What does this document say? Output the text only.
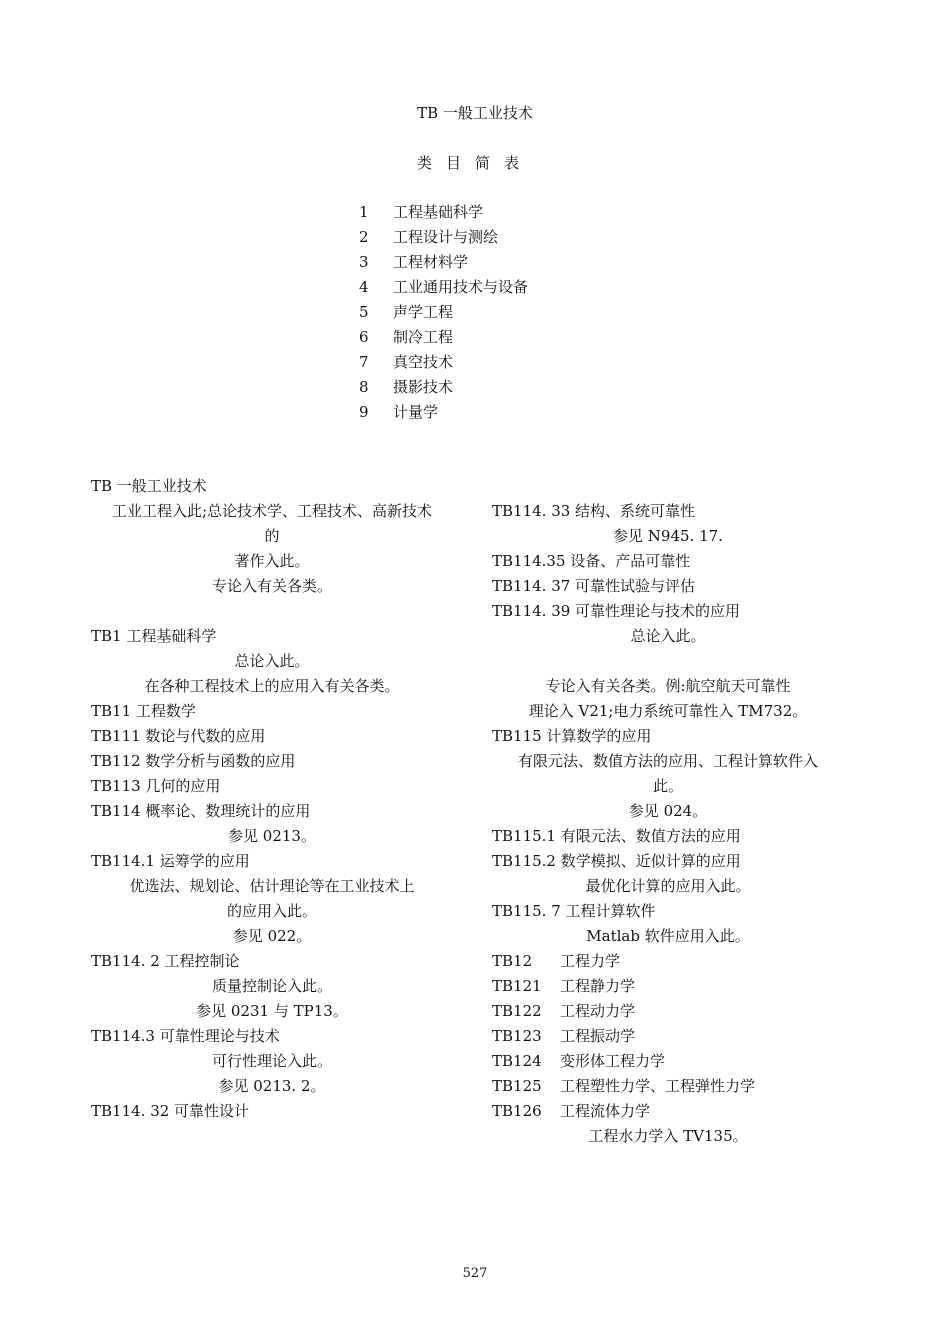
TB 一般工业技术
类目简表
1 工程基础科学
2 工程设计与测绘
3 工程材料学
4 工业通用技术与设备
5 声学工程
6 制冷工程
7 真空技术
8 摄影技术
9 计量学
TB 一般工业技术
工业工程入此;总论技术学、工程技术、高新技术
的
著作入此。
专论入有关各类。
TB1 工程基础科学
总论入此。
在各种工程技术上的应用入有关各类。
TB11 工程数学
TB111 数论与代数的应用
TB112 数学分析与函数的应用
TB113 几何的应用
TB114 概率论、数理统计的应用
参见 0213。
TB114.1 运筹学的应用
优选法、规划论、估计理论等在工业技术上
的应用入此。
参见 022。
TB114. 2 工程控制论
质量控制论入此。
参见 0231 与 TP13。
TB114.3 可靠性理论与技术
可行性理论入此。
参见 0213. 2。
TB114. 32 可靠性设计
TB114. 33 结构、系统可靠性
参见 N945. 17.
TB114.35 设备、产品可靠性
TB114. 37 可靠性试验与评估
TB114. 39 可靠性理论与技术的应用
总论入此。
专论入有关各类。例:航空航天可靠性
理论入 V21;电力系统可靠性入 TM732。
TB115 计算数学的应用
有限元法、数值方法的应用、工程计算软件入
此。
参见 024。
TB115.1 有限元法、数值方法的应用
TB115.2 数学模拟、近似计算的应用
最优化计算的应用入此。
TB115. 7 工程计算软件
Matlab 软件应用入此。
TB12 工程力学
TB121 工程静力学
TB122 工程动力学
TB123 工程振动学
TB124 变形体工程力学
TB125 工程塑性力学、工程弹性力学
TB126 工程流体力学
工程水力学入 TV135。
527
